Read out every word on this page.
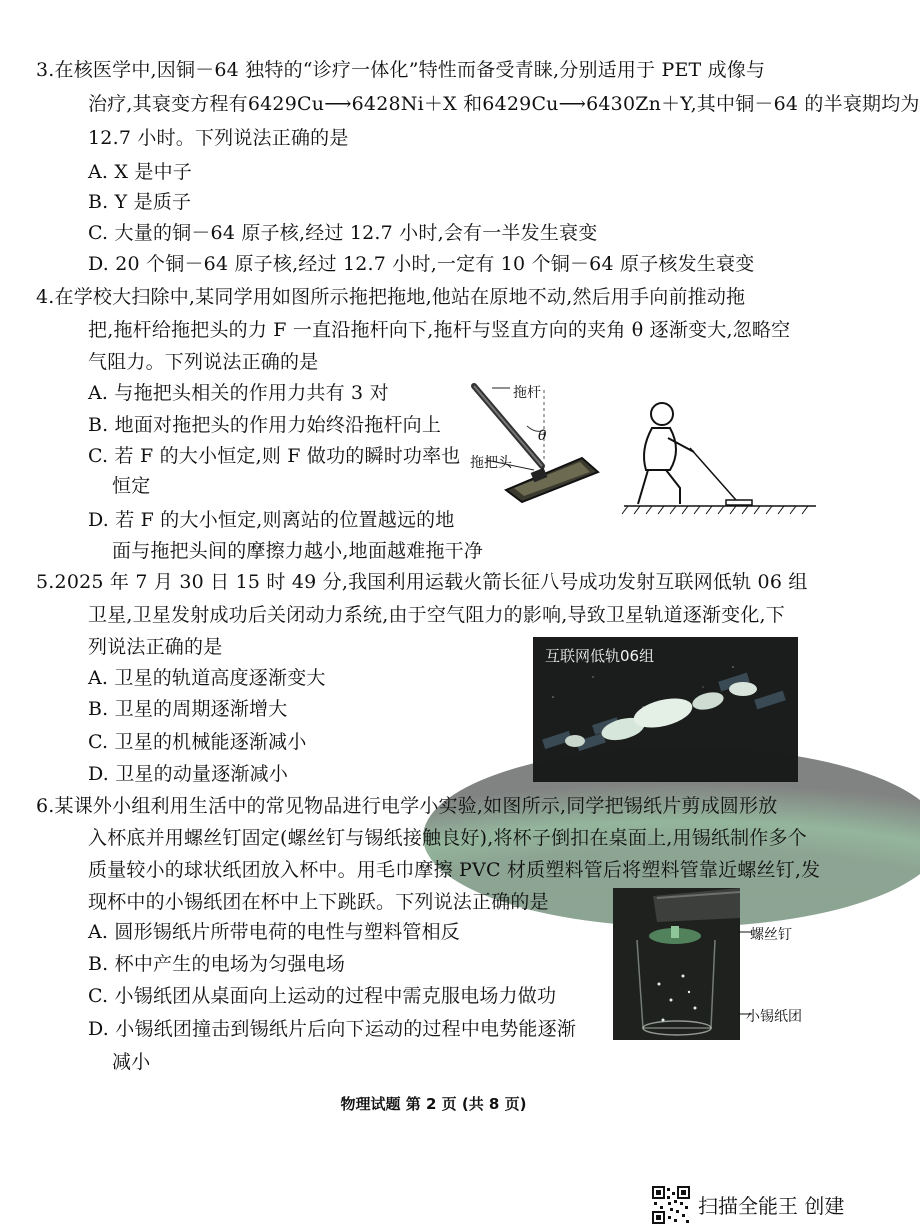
3.在核医学中,因铜－64 独特的“诊疗一体化”特性而备受青睐,分别适用于 PET 成像与
治疗,其衰变方程有6429Cu⟶6428Ni＋X 和6429Cu⟶6430Zn＋Y,其中铜－64 的半衰期均为
12.7 小时。下列说法正确的是
A. X 是中子
B. Y 是质子
C. 大量的铜－64 原子核,经过 12.7 小时,会有一半发生衰变
D. 20 个铜－64 原子核,经过 12.7 小时,一定有 10 个铜－64 原子核发生衰变
4.在学校大扫除中,某同学用如图所示拖把拖地,他站在原地不动,然后用手向前推动拖
把,拖杆给拖把头的力 F 一直沿拖杆向下,拖杆与竖直方向的夹角 θ 逐渐变大,忽略空
气阻力。下列说法正确的是
A. 与拖把头相关的作用力共有 3 对
B. 地面对拖把头的作用力始终沿拖杆向上
C. 若 F 的大小恒定,则 F 做功的瞬时功率也
恒定
D. 若 F 的大小恒定,则离站的位置越远的地
面与拖把头间的摩擦力越小,地面越难拖干净
拖杆
θ
拖把头
5.2025 年 7 月 30 日 15 时 49 分,我国利用运载火箭长征八号成功发射互联网低轨 06 组
卫星,卫星发射成功后关闭动力系统,由于空气阻力的影响,导致卫星轨道逐渐变化,下
列说法正确的是
A. 卫星的轨道高度逐渐变大
B. 卫星的周期逐渐增大
C. 卫星的机械能逐渐减小
D. 卫星的动量逐渐减小
互联网低轨06组
6.某课外小组利用生活中的常见物品进行电学小实验,如图所示,同学把锡纸片剪成圆形放
入杯底并用螺丝钉固定(螺丝钉与锡纸接触良好),将杯子倒扣在桌面上,用锡纸制作多个
质量较小的球状纸团放入杯中。用毛巾摩擦 PVC 材质塑料管后将塑料管靠近螺丝钉,发
现杯中的小锡纸团在杯中上下跳跃。下列说法正确的是
A. 圆形锡纸片所带电荷的电性与塑料管相反
B. 杯中产生的电场为匀强电场
C. 小锡纸团从桌面向上运动的过程中需克服电场力做功
D. 小锡纸团撞击到锡纸片后向下运动的过程中电势能逐渐
减小
螺丝钉
小锡纸团
物理试题 第 2 页 (共 8 页)
扫描全能王 创建
